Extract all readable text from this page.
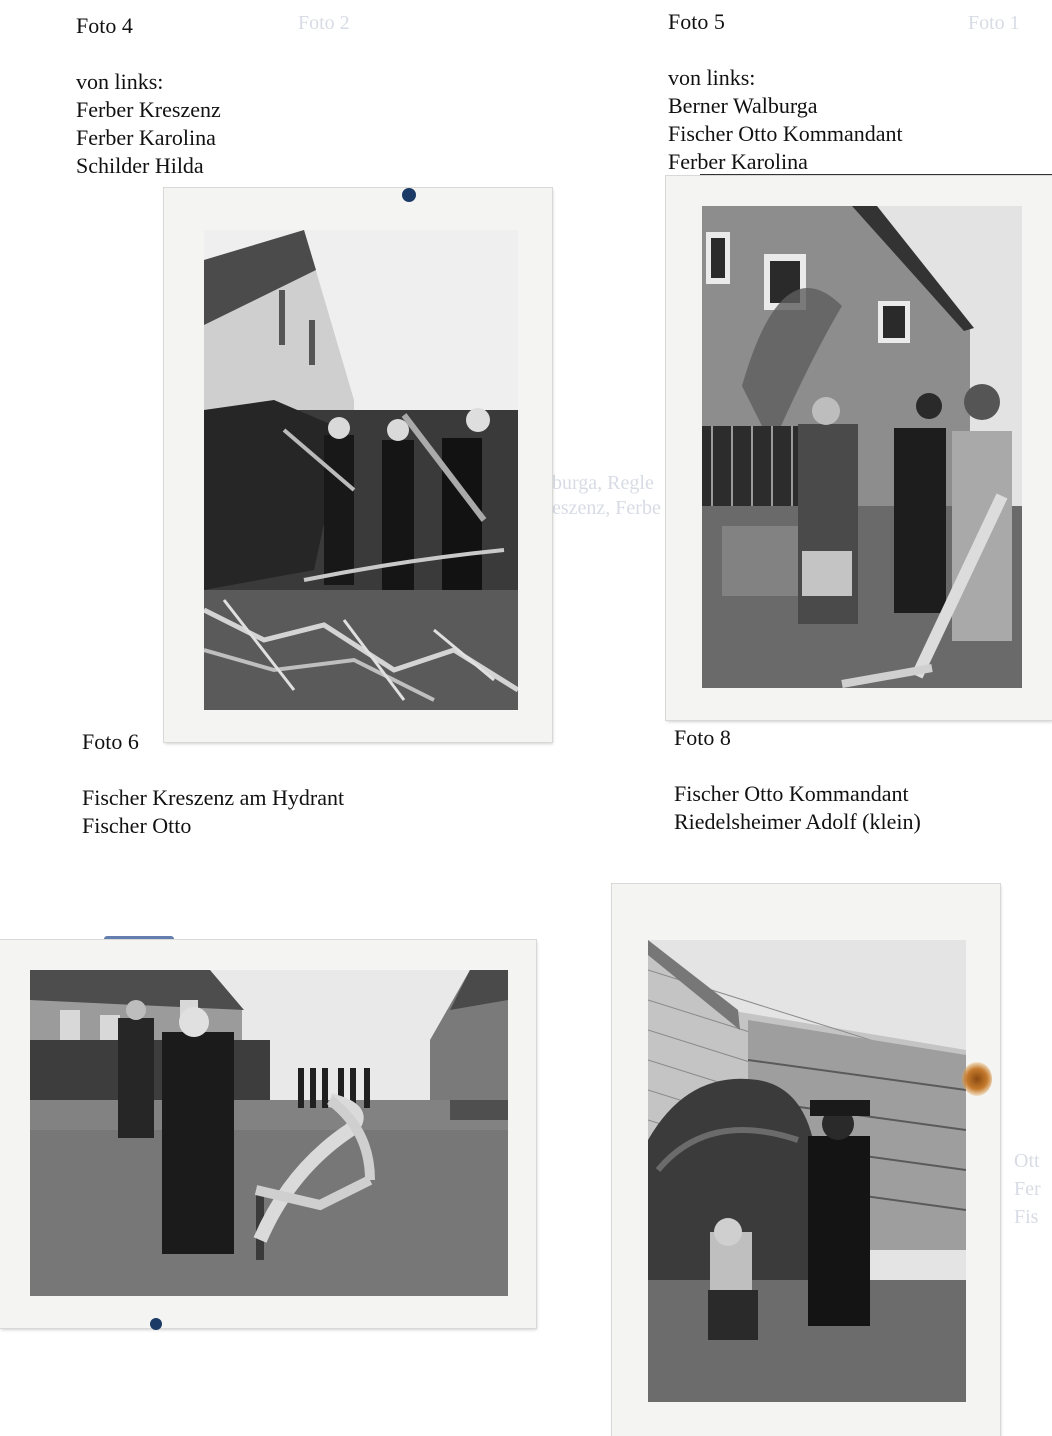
Foto 2	Foto 1
burga, Regle
eszenz, Ferbe
Ott
Fer
Fis
Foto 4
von links:
Ferber Kreszenz
Ferber Karolina
Schilder Hilda
Foto 5
von links:
Berner Walburga
Fischer Otto Kommandant
Ferber Karolina
Foto 6
Fischer Kreszenz am Hydrant
Fischer Otto
Foto 8
Fischer Otto Kommandant
Riedelsheimer Adolf (klein)
